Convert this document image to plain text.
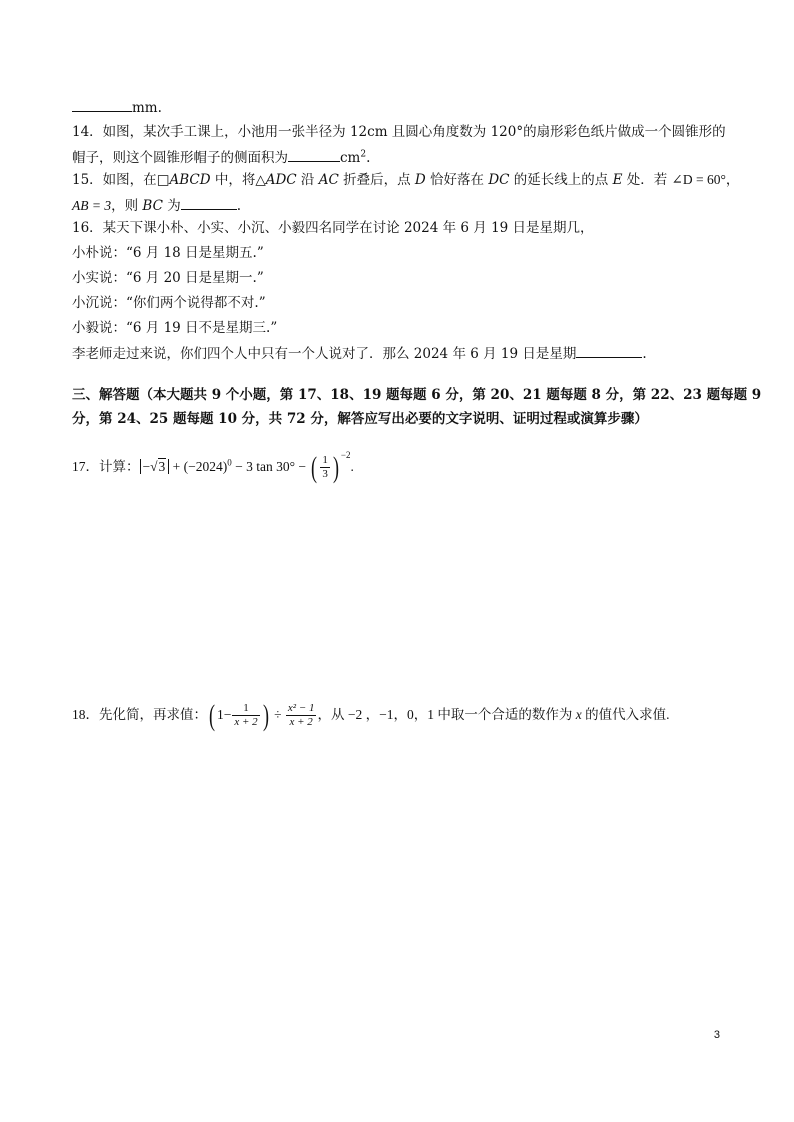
mm.
14．如图，某次手工课上，小池用一张半径为 12cm 且圆心角度数为 120°的扇形彩色纸片做成一个圆锥形的
帽子，则这个圆锥形帽子的侧面积为	$cm^2$.
15．如图，在□ABCD 中，将△ADC 沿 AC 折叠后，点 D 恰好落在 DC 的延长线上的点 E 处．若 ∠D = 60°，
AB = 3，则 BC 为	.
16．某天下课小朴、小实、小沉、小毅四名同学在讨论 2024 年 6 月 19 日是星期几，
小朴说：“6 月 18 日是星期五.”
小实说：“6 月 20 日是星期一.”
小沉说：“你们两个说得都不对.”
小毅说：“6 月 19 日不是星期三.”
李老师走过来说，你们四个人中只有一个人说对了．那么 2024 年 6 月 19 日是星期	.
三、解答题（本大题共 9 个小题，第 17、18、19 题每题 6 分，第 20、21 题每题 8 分，第 22、23 题每题 9
分，第 24、25 题每题 10 分，共 72 分，解答应写出必要的文字说明、证明过程或演算步骤）
17．计算： $-√3 + (-2024)^0 - 3$ tan 30° − ( $\frac{1}{3}$ ) $^{-2}$.
18．先化简，再求值：( $1- \frac{1}{x + 2}$ ) ÷ $\frac{\text{x² − 1}}{x + 2}$ ，从 −2 ，−1，0，1 中取一个合适的数作为 x 的值代入求值.
3
